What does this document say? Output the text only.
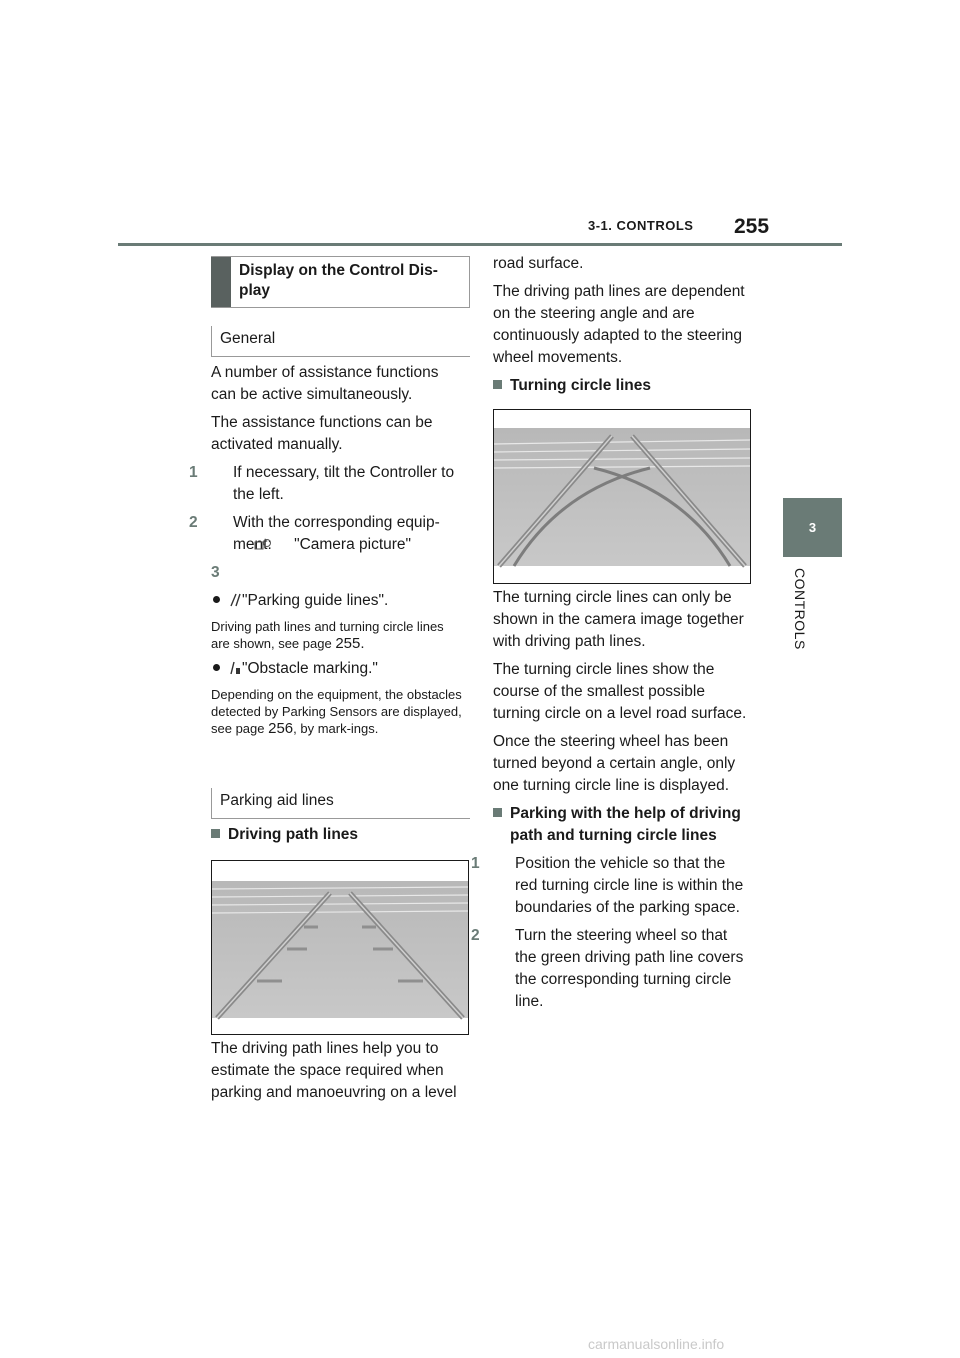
3-1. CONTROLS 255
3
CONTROLS
Display on the Control Dis-
play
General

A number of assistance functions can be active simultaneously.

The assistance functions can be activated manually.

1 If necessary, tilt the Controller to the left.

2 With the corresponding equip-
ment: "Camera picture"

3

"Parking guide lines".

Driving path lines and turning circle lines are shown, see page 255.

"Obstacle marking."

Depending on the equipment, the obstacles detected by Parking Sensors are displayed, see page 256, by mark-ings.

Parking aid lines
Driving path lines

The driving path lines help you to estimate the space required when parking and manoeuvring on a level

road surface.

The driving path lines are dependent on the steering angle and are continuously adapted to the steering wheel movements.

Turning circle lines

The turning circle lines can only be shown in the camera image together with driving path lines.

The turning circle lines show the course of the smallest possible turning circle on a level road surface.

Once the steering wheel has been turned beyond a certain angle, only one turning circle line is displayed.

Parking with the help of driving path and turning circle lines

1 Position the vehicle so that the red turning circle line is within the boundaries of the parking space.

2 Turn the steering wheel so that the green driving path line covers the corresponding turning circle line.

carmanualsonline.info
